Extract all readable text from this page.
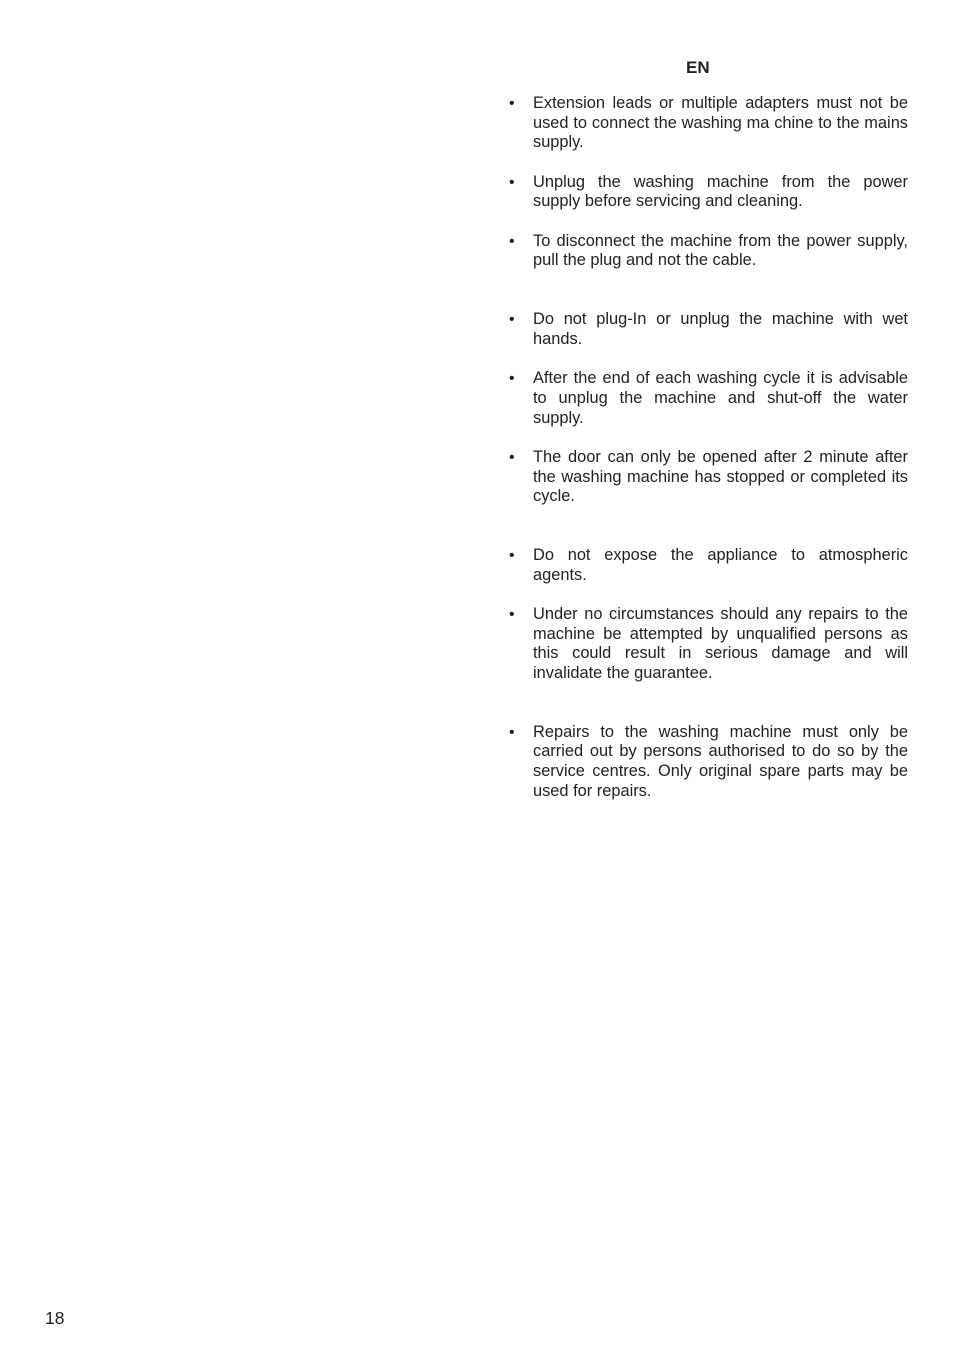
EN
•	Extension leads or multiple adapters must not be used to connect the washing ma chine to the mains supply.
•	Unplug the washing machine from the power supply before servicing and cleaning.
•	To disconnect the machine from the power supply, pull the plug and not the cable.
•	Do not plug-In or unplug the machine with wet hands.
•	After the end of each washing cycle it is advisable to unplug the machine and shut-off the water supply.
•	The door can only be opened after 2 minute after the washing machine has stopped or completed its cycle.
•	Do not expose the appliance to atmospheric agents.
•	Under no circumstances should any repairs to the machine be attempted by unqualified persons as this could result in serious damage and will invalidate the guarantee.
•	Repairs to the washing machine must only be carried out by persons authorised to do so by the service centres. Only original spare parts may be used for repairs.
18
